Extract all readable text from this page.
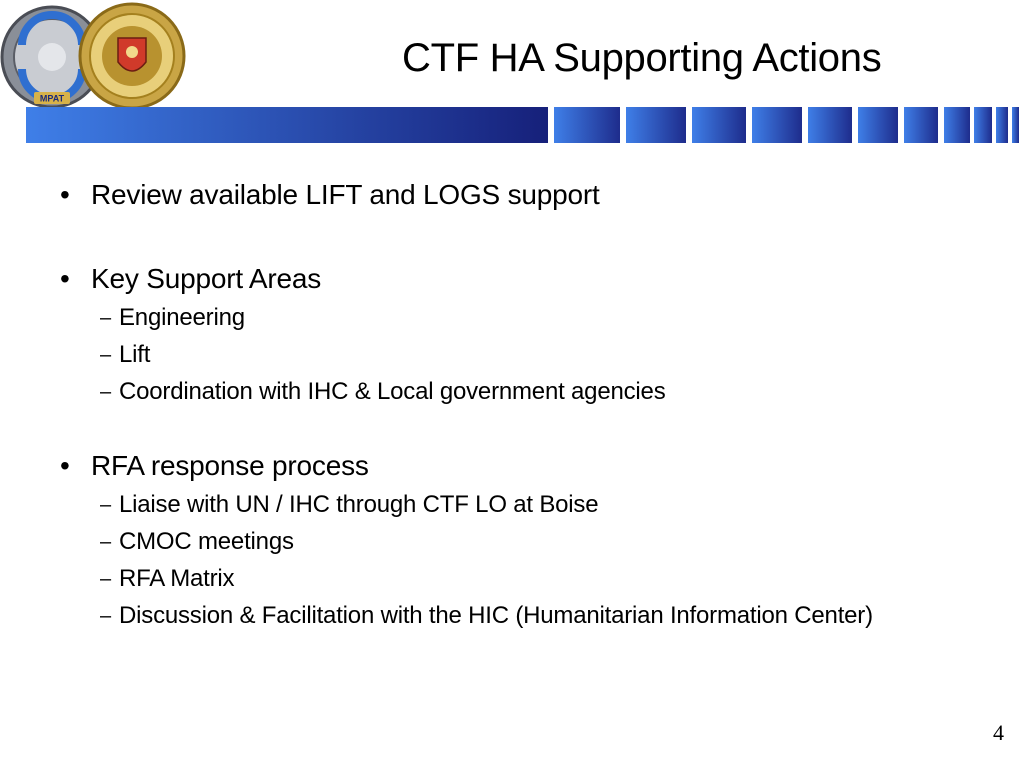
MPAT
CTF HA Supporting Actions
• Review available LIFT and LOGS support
• Key Support Areas
– Engineering
– Lift
– Coordination with IHC & Local government agencies
• RFA response process
– Liaise with UN / IHC through CTF LO at Boise
– CMOC meetings
– RFA Matrix
– Discussion & Facilitation with the HIC (Humanitarian Information Center)
4
